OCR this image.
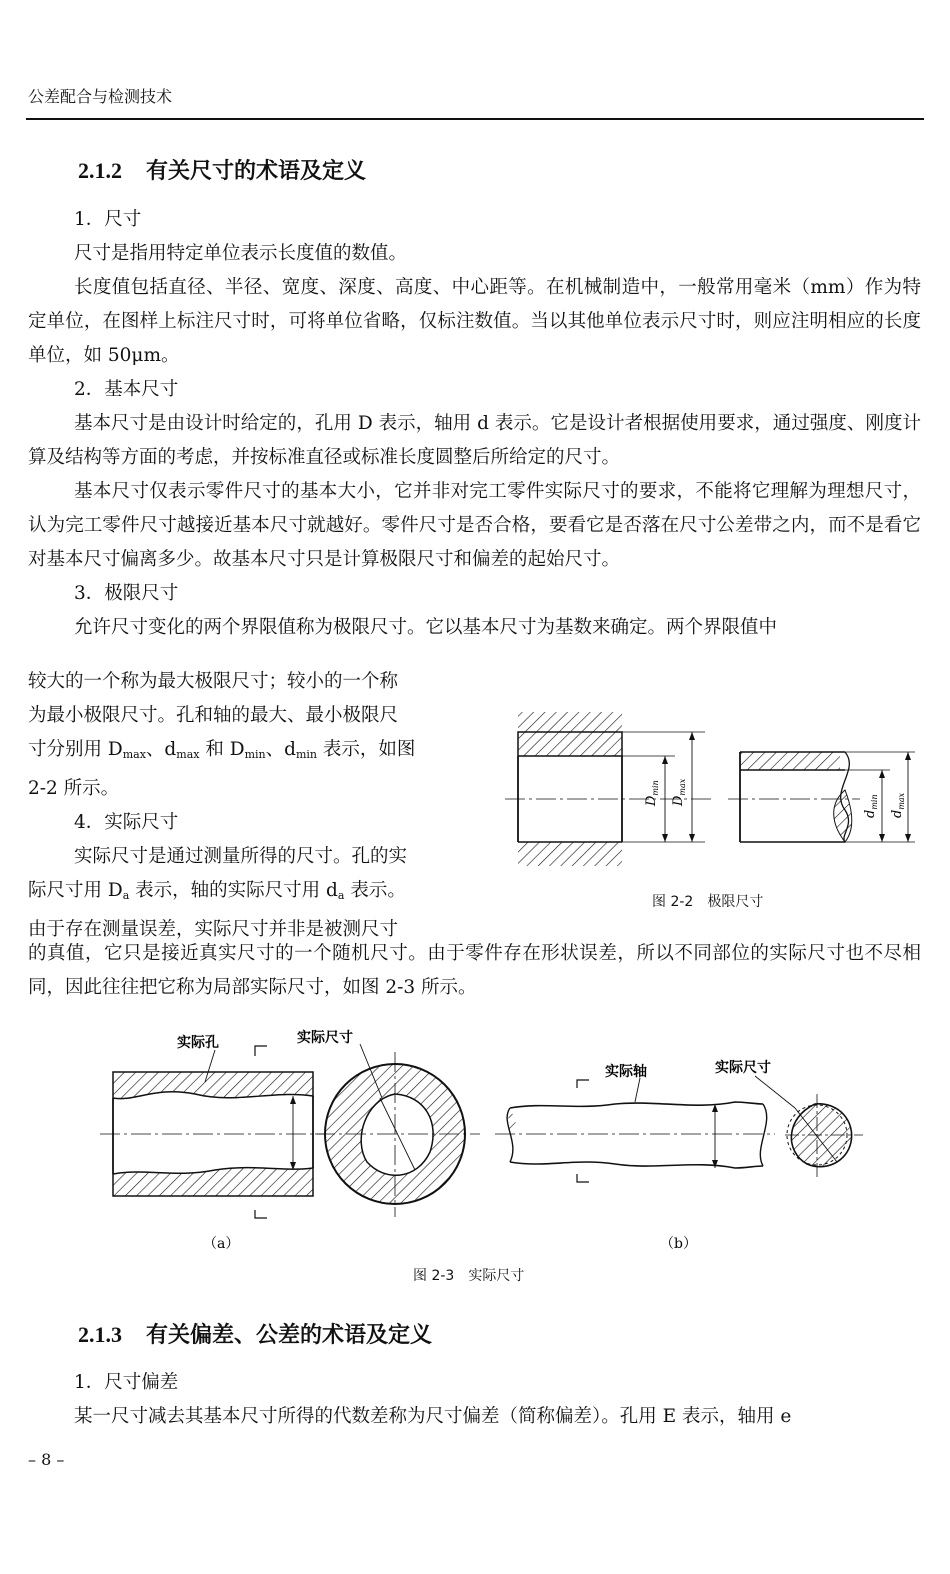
公差配合与检测技术
2.1.2 有关尺寸的术语及定义

1．尺寸

尺寸是指用特定单位表示长度值的数值。

长度值包括直径、半径、宽度、深度、高度、中心距等。在机械制造中，一般常用毫米（mm）作为特定单位，在图样上标注尺寸时，可将单位省略，仅标注数值。当以其他单位表示尺寸时，则应注明相应的长度单位，如 50μm。

2．基本尺寸

基本尺寸是由设计时给定的，孔用 D 表示，轴用 d 表示。它是设计者根据使用要求，通过强度、刚度计算及结构等方面的考虑，并按标准直径或标准长度圆整后所给定的尺寸。

基本尺寸仅表示零件尺寸的基本大小，它并非对完工零件实际尺寸的要求，不能将它理解为理想尺寸，认为完工零件尺寸越接近基本尺寸就越好。零件尺寸是否合格，要看它是否落在尺寸公差带之内，而不是看它对基本尺寸偏离多少。故基本尺寸只是计算极限尺寸和偏差的起始尺寸。

3．极限尺寸

允许尺寸变化的两个界限值称为极限尺寸。它以基本尺寸为基数来确定。两个界限值中

较大的一个称为最大极限尺寸；较小的一个称
为最小极限尺寸。孔和轴的最大、最小极限尺
寸分别用 $D_{max}$、$d_{max}$ 和 $D_{min}$、$d_{min}$ 表示，如图
2-2 所示。
4．实际尺寸
实际尺寸是通过测量所得的尺寸。孔的实
际尺寸用 $D_a$ 表示，轴的实际尺寸用 $d_a$ 表示。
由于存在测量误差，实际尺寸并非是被测尺寸

的真值，它只是接近真实尺寸的一个随机尺寸。由于零件存在形状误差，所以不同部位的实际尺寸也不尽相同，因此往往把它称为局部实际尺寸，如图 2-3 所示。

$D_{min}$
$D_{max}$
$d_{min}$
$d_{max}$
图 2-2　极限尺寸
实际孔	实际尺寸
实际轴	实际尺寸
（a）	（b）
图 2-3　实际尺寸
2.1.3 有关偏差、公差的术语及定义

1．尺寸偏差

某一尺寸减去其基本尺寸所得的代数差称为尺寸偏差（简称偏差）。孔用 E 表示，轴用 e

– 8 –
